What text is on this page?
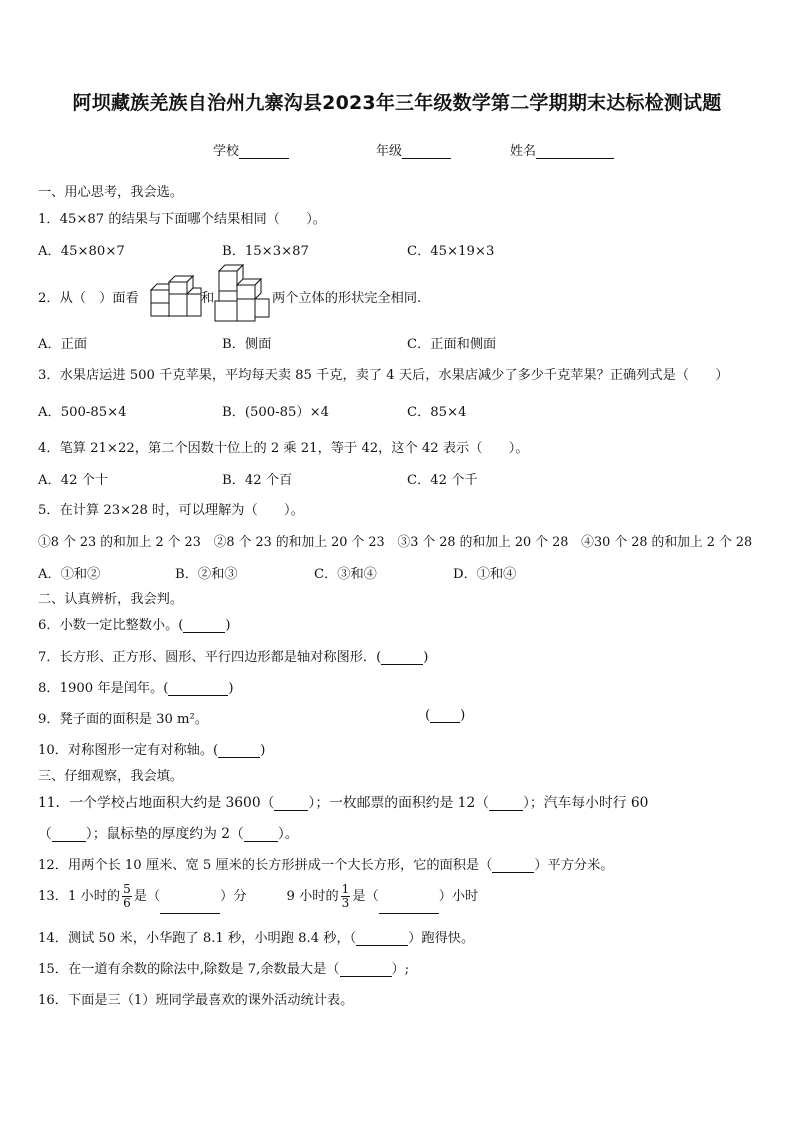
阿坝藏族羌族自治州九寨沟县2023年三年级数学第二学期期末达标检测试题
学校	年级	姓名
一、用心思考，我会选。
1．45×87 的结果与下面哪个结果相同（　　）。
A．45×80×7	B．15×3×87	C．45×19×3
2．从（　）面看	和	两个立体的形状完全相同.
A．正面	B．侧面	C．正面和侧面
3．水果店运进 500 千克苹果，平均每天卖 85 千克，卖了 4 天后，水果店减少了多少千克苹果？正确列式是（　　）
A．500-85×4	B．(500-85）×4	C．85×4
4．笔算 21×22，第二个因数十位上的 2 乘 21，等于 42，这个 42 表示（　　）。
A．42 个十	B．42 个百	C．42 个千
5．在计算 23×28 时，可以理解为（　　）。
①8 个 23 的和加上 2 个 23　②8 个 23 的和加上 20 个 23　③3 个 28 的和加上 20 个 28　④30 个 28 的和加上 2 个 28
A．①和②	B．②和③	C．③和④	D．①和④
二、认真辨析，我会判。
6．小数一定比整数小。(	)
7．长方形、正方形、圆形、平行四边形都是轴对称图形．(	)
8．1900 年是闰年。(	)
9．凳子面的面积是 30 m²。	( )
10．对称图形一定有对称轴。(	)
三、仔细观察，我会填。
11．一个学校占地面积大约是 3600（ ）；一枚邮票的面积约是 12（ ）；汽车每小时行 60
（ ）；鼠标垫的厚度约为 2（ ）。
12．用两个长 10 厘米、宽 5 厘米的长方形拼成一个大长方形，它的面积是（	）平方分米。
13．1 小时的 $\frac{5}{6}$ 是（	）分	9 小时的 $\frac{1}{3}$ 是（	）小时
14．测试 50 米，小华跑了 8.1 秒，小明跑 8.4 秒，（	）跑得快。
15．在一道有余数的除法中,除数是 7,余数最大是（	）;
16．下面是三（1）班同学最喜欢的课外活动统计表。
